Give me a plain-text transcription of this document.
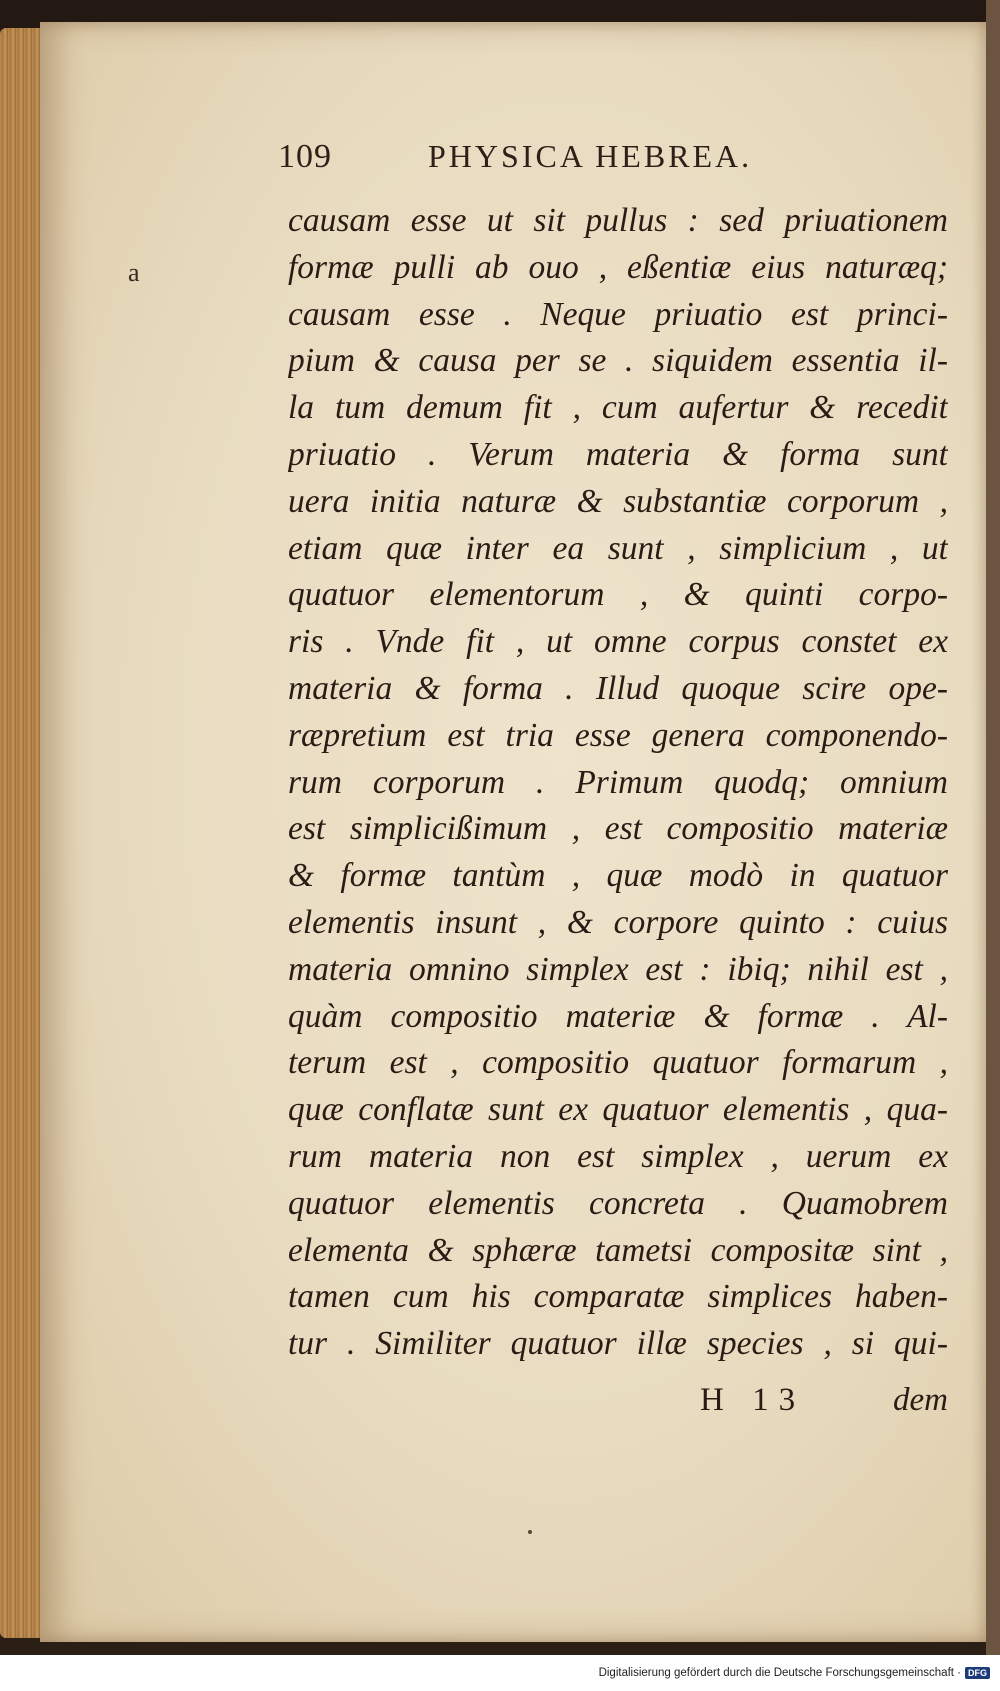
109	PHYSICA HEBREA.
a
causam esse ut sit pullus : sed priuationem
formæ pulli ab ouo , eßentiæ eius naturæq;
causam esse . Neque priuatio est princi-
pium & causa per se . siquidem essentia il-
la tum demum fit , cum aufertur & recedit
priuatio . Verum materia & forma sunt
uera initia naturæ & substantiæ corporum ,
etiam quæ inter ea sunt , simplicium , ut
quatuor elementorum , & quinti corpo-
ris . Vnde fit , ut omne corpus constet ex
materia & forma . Illud quoque scire ope-
ræpretium est tria esse genera componendo-
rum corporum . Primum quodq; omnium
est simplicißimum , est compositio materiæ
& formæ tantùm , quæ modò in quatuor
elementis insunt , & corpore quinto : cuius
materia omnino simplex est : ibiq; nihil est ,
quàm compositio materiæ & formæ . Al-
terum est , compositio quatuor formarum ,
quæ conflatæ sunt ex quatuor elementis , qua-
rum materia non est simplex , uerum ex
quatuor elementis concreta . Quamobrem
elementa & sphæræ tametsi compositæ sint ,
tamen cum his comparatæ simplices haben-
tur . Similiter quatuor illæ species , si qui-
H 13	dem
Digitalisierung gefördert durch die Deutsche Forschungsgemeinschaft · DFG
